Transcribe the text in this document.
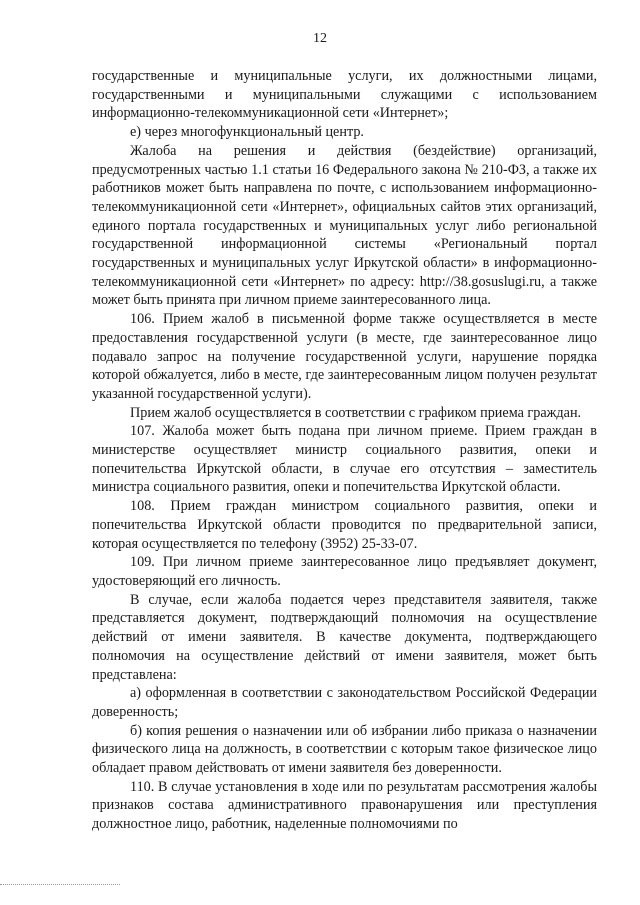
12

государственные и муниципальные услуги, их должностными лицами, государственными и муниципальными служащими с использованием информационно-телекоммуникационной сети «Интернет»;

е) через многофункциональный центр.

Жалоба на решения и действия (бездействие) организаций, предусмотренных частью 1.1 статьи 16 Федерального закона № 210-ФЗ, а также их работников может быть направлена по почте, с использованием информационно-телекоммуникационной сети «Интернет», официальных сайтов этих организаций, единого портала государственных и муниципальных услуг либо региональной государственной информационной системы «Региональный портал государственных и муниципальных услуг Иркутской области» в информационно-телекоммуникационной сети «Интернет» по адресу: http://38.gosuslugi.ru, а также может быть принята при личном приеме заинтересованного лица.

106. Прием жалоб в письменной форме также осуществляется в месте предоставления государственной услуги (в месте, где заинтересованное лицо подавало запрос на получение государственной услуги, нарушение порядка которой обжалуется, либо в месте, где заинтересованным лицом получен результат указанной государственной услуги).

Прием жалоб осуществляется в соответствии с графиком приема граждан.

107. Жалоба может быть подана при личном приеме. Прием граждан в министерстве осуществляет министр социального развития, опеки и попечительства Иркутской области, в случае его отсутствия – заместитель министра социального развития, опеки и попечительства Иркутской области.

108. Прием граждан министром социального развития, опеки и попечительства Иркутской области проводится по предварительной записи, которая осуществляется по телефону (3952) 25-33-07.

109. При личном приеме заинтересованное лицо предъявляет документ, удостоверяющий его личность.

В случае, если жалоба подается через представителя заявителя, также представляется документ, подтверждающий полномочия на осуществление действий от имени заявителя. В качестве документа, подтверждающего полномочия на осуществление действий от имени заявителя, может быть представлена:

а) оформленная в соответствии с законодательством Российской Федерации доверенность;

б) копия решения о назначении или об избрании либо приказа о назначении физического лица на должность, в соответствии с которым такое физическое лицо обладает правом действовать от имени заявителя без доверенности.

110. В случае установления в ходе или по результатам рассмотрения жалобы признаков состава административного правонарушения или преступления должностное лицо, работник, наделенные полномочиями по
